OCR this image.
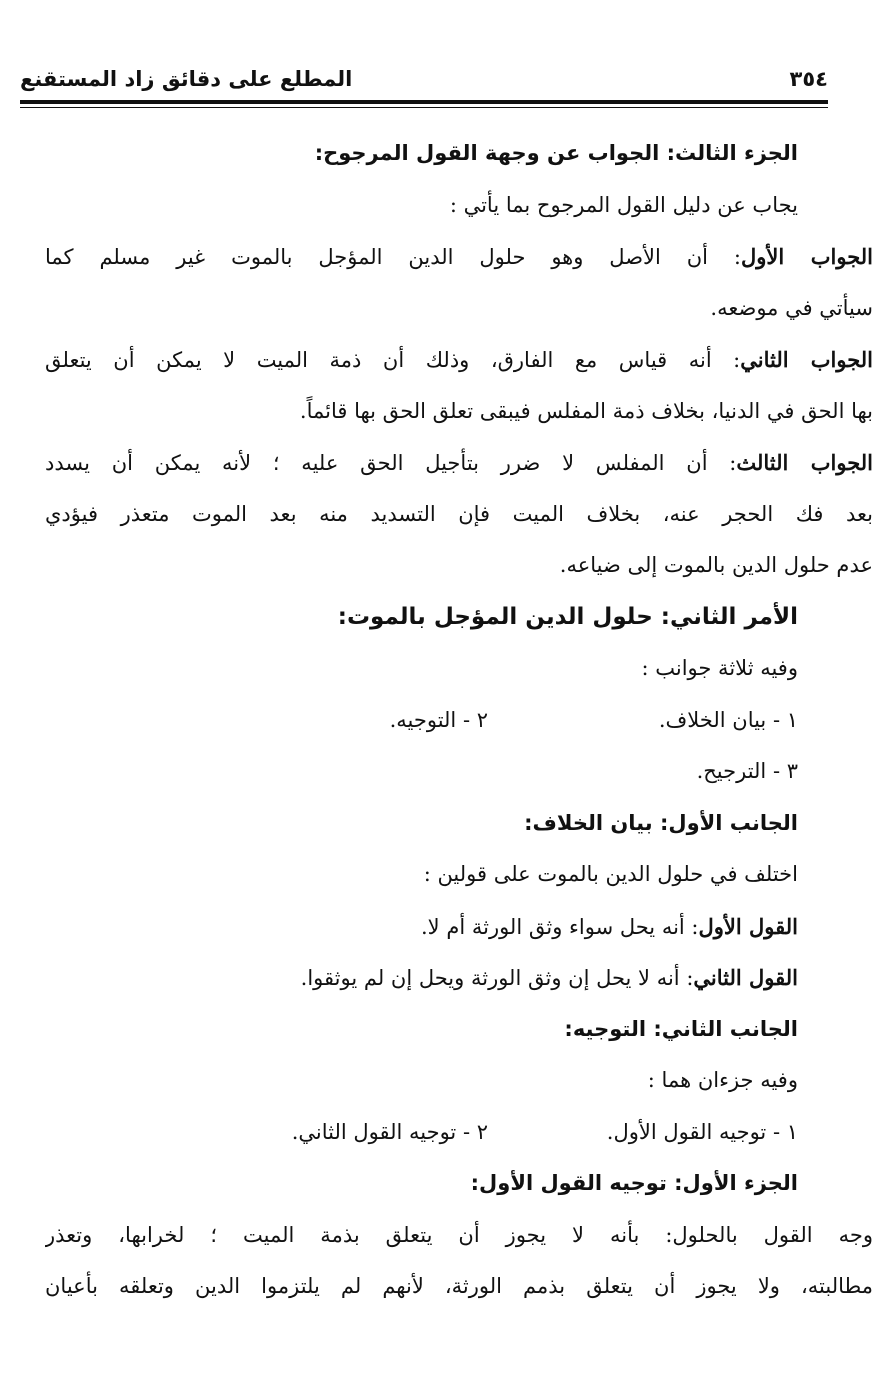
٣٥٤
المطلع على دقائق زاد المستقنع
الجزء الثالث: الجواب عن وجهة القول المرجوح:
يجاب عن دليل القول المرجوح بما يأتي :
الجواب الأول: أن الأصل وهو حلول الدين المؤجل بالموت غير مسلم كما
سيأتي في موضعه.
الجواب الثاني: أنه قياس مع الفارق، وذلك أن ذمة الميت لا يمكن أن يتعلق
بها الحق في الدنيا، بخلاف ذمة المفلس فيبقى تعلق الحق بها قائماً.
الجواب الثالث: أن المفلس لا ضرر بتأجيل الحق عليه ؛ لأنه يمكن أن يسدد
بعد فك الحجر عنه، بخلاف الميت فإن التسديد منه بعد الموت متعذر فيؤدي
عدم حلول الدين بالموت إلى ضياعه.
الأمر الثاني: حلول الدين المؤجل بالموت:
وفيه ثلاثة جوانب :
١ - بيان الخلاف.
٢ - التوجيه.
٣ - الترجيح.
الجانب الأول: بيان الخلاف:
اختلف في حلول الدين بالموت على قولين :
القول الأول: أنه يحل سواء وثق الورثة أم لا.
القول الثاني: أنه لا يحل إن وثق الورثة ويحل إن لم يوثقوا.
الجانب الثاني: التوجيه:
وفيه جزءان هما :
١ - توجيه القول الأول.
٢ - توجيه القول الثاني.
الجزء الأول: توجيه القول الأول:
وجه القول بالحلول: بأنه لا يجوز أن يتعلق بذمة الميت ؛ لخرابها، وتعذر
مطالبته، ولا يجوز أن يتعلق بذمم الورثة، لأنهم لم يلتزموا الدين وتعلقه بأعيان
